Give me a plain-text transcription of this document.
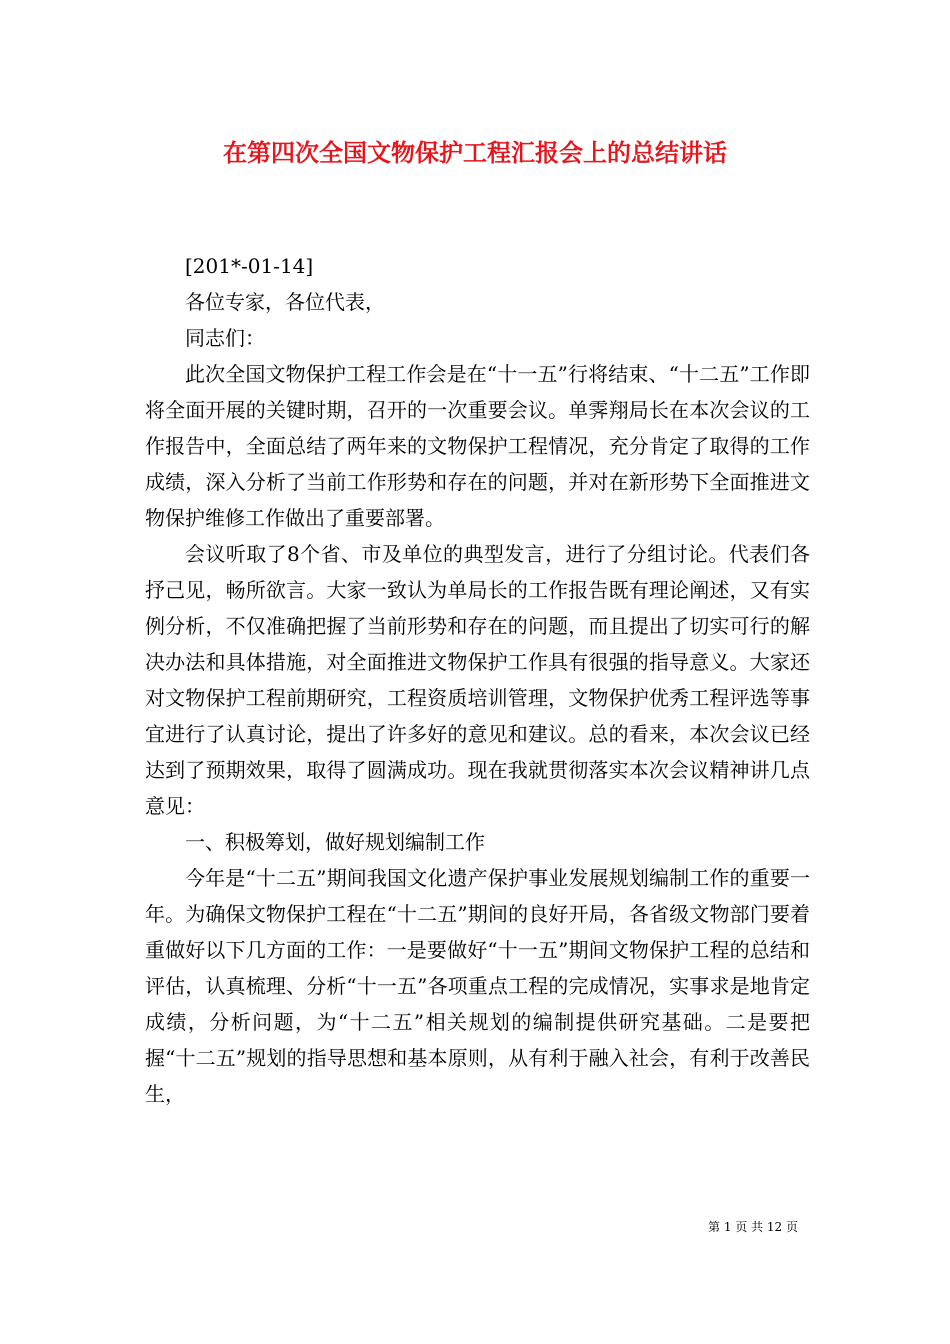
在第四次全国文物保护工程汇报会上的总结讲话

[201*-01-14]

各位专家，各位代表，

同志们：

此次全国文物保护工程工作会是在“十一五”行将结束、“十二五”工作即将全面开展的关键时期，召开的一次重要会议。单霁翔局长在本次会议的工作报告中，全面总结了两年来的文物保护工程情况，充分肯定了取得的工作成绩，深入分析了当前工作形势和存在的问题，并对在新形势下全面推进文物保护维修工作做出了重要部署。

会议听取了8个省、市及单位的典型发言，进行了分组讨论。代表们各抒己见，畅所欲言。大家一致认为单局长的工作报告既有理论阐述，又有实例分析，不仅准确把握了当前形势和存在的问题，而且提出了切实可行的解决办法和具体措施，对全面推进文物保护工作具有很强的指导意义。大家还对文物保护工程前期研究，工程资质培训管理，文物保护优秀工程评选等事宜进行了认真讨论，提出了许多好的意见和建议。总的看来，本次会议已经达到了预期效果，取得了圆满成功。现在我就贯彻落实本次会议精神讲几点意见：

一、积极筹划，做好规划编制工作

今年是“十二五”期间我国文化遗产保护事业发展规划编制工作的重要一年。为确保文物保护工程在“十二五”期间的良好开局，各省级文物部门要着重做好以下几方面的工作：一是要做好“十一五”期间文物保护工程的总结和评估，认真梳理、分析“十一五”各项重点工程的完成情况，实事求是地肯定成绩，分析问题，为“十二五”相关规划的编制提供研究基础。二是要把握“十二五”规划的指导思想和基本原则，从有利于融入社会，有利于改善民生，

第 1 页 共 12 页
